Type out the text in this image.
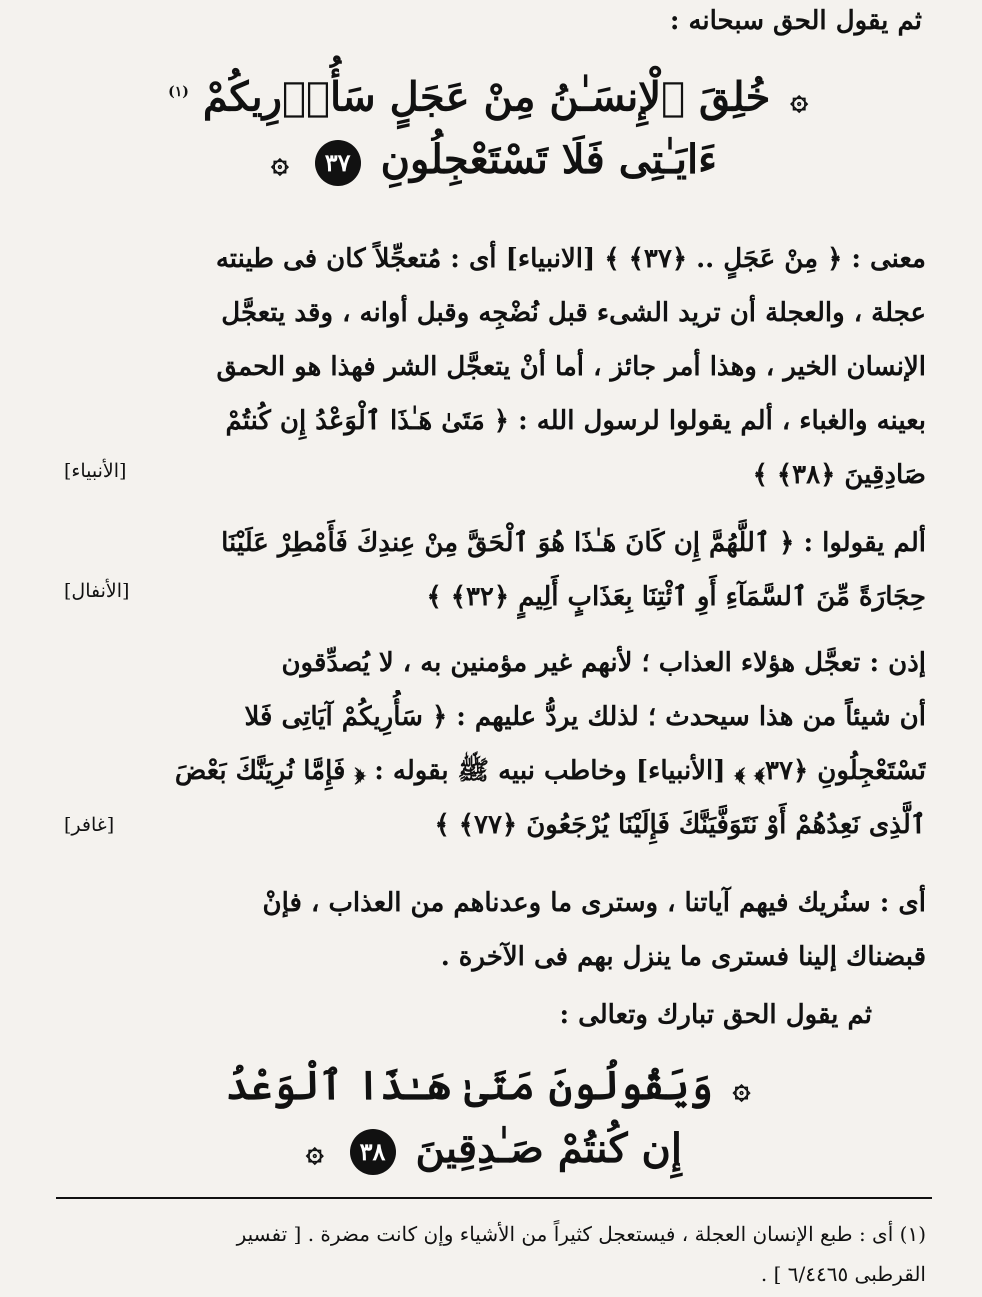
ثم يقول الحق سبحانه :
۞ خُلِقَ ٱلْإِنسَـٰنُ مِنْ عَجَلٍ سَأُو۟رِيكُمْ $^{(١)}$
ءَايَـٰتِى فَلَا تَسْتَعْجِلُونِ ٣٧ ۞
معنى : ﴿ مِنْ عَجَلٍ .. ﴿٣٧﴾ ﴾ [الانبياء] أى : مُتعجِّلاً كان فى طينته
عجلة ، والعجلة أن تريد الشىء قبل نُضْجِه وقبل أوانه ، وقد يتعجَّل
الإنسان الخير ، وهذا أمر جائز ، أما أنْ يتعجَّل الشر فهذا هو الحمق
بعينه والغباء ، ألم يقولوا لرسول الله : ﴿ مَتَىٰ هَـٰذَا ٱلْوَعْدُ إِن كُنتُمْ
صَادِقِينَ ﴿٣٨﴾ ﴾
[الأنبياء]
ألم يقولوا : ﴿ ٱللَّهُمَّ إِن كَانَ هَـٰذَا هُوَ ٱلْحَقَّ مِنْ عِندِكَ فَأَمْطِرْ عَلَيْنَا
حِجَارَةً مِّنَ ٱلسَّمَآءِ أَوِ ٱئْتِنَا بِعَذَابٍ أَلِيمٍ ﴿٣٢﴾ ﴾
[الأنفال]
إذن : تعجَّل هؤلاء العذاب ؛ لأنهم غير مؤمنين به ، لا يُصدِّقون
أن شيئاً من هذا سيحدث ؛ لذلك يردُّ عليهم : ﴿ سَأُرِيكُمْ آيَاتِى فَلا
تَسْتَعْجِلُونِ ﴿٣٧﴾ ﴾ [الأنبياء] وخاطب نبيه ﷺ بقوله : ﴿ فَإِمَّا نُرِيَنَّكَ بَعْضَ
ٱلَّذِى نَعِدُهُمْ أَوْ نَتَوَفَّيَنَّكَ فَإِلَيْنَا يُرْجَعُونَ ﴿٧٧﴾ ﴾
[غافر]
أى : سنُريك فيهم آياتنا ، وسترى ما وعدناهم من العذاب ، فإنْ
قبضناك إلينا فسترى ما ينزل بهم فى الآخرة .
ثم يقول الحق تبارك وتعالى :
۞ وَيَقُولُونَ مَتَىٰ هَـٰذَا ٱلْوَعْدُ
إِن كُنتُمْ صَـٰدِقِينَ ٣٨ ۞
(١) أى : طبع الإنسان العجلة ، فيستعجل كثيراً من الأشياء وإن كانت مضرة . [ تفسير
القرطبى ٦/٤٤٦٥ ] .
